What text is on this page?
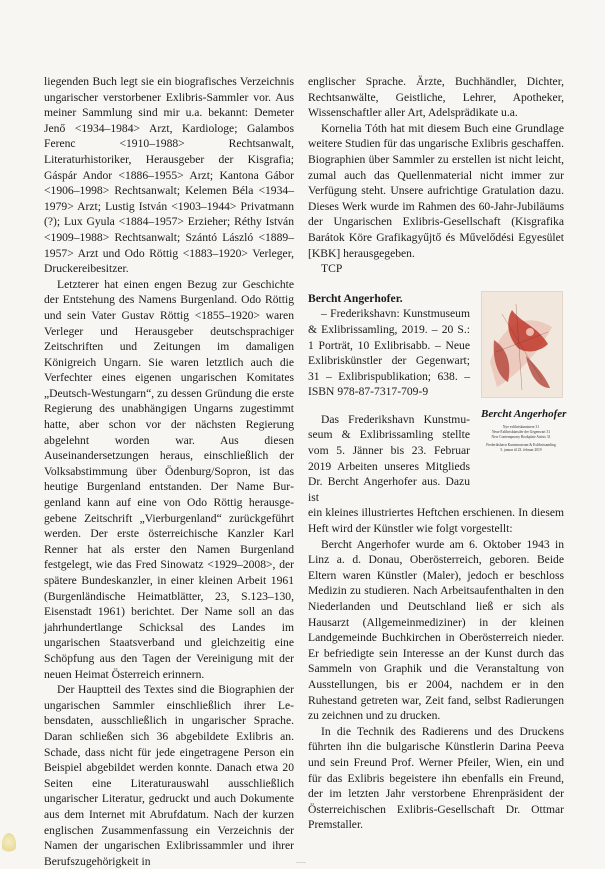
liegenden Buch legt sie ein biografisches Verzeichnis ungarischer verstorbener Exlibris-Sammler vor. Aus meiner Sammlung sind mir u.a. bekannt: Demeter Jenő <1934–1984> Arzt, Kardiologe; Galambos Ferenc <1910–1988> Rechtsanwalt, Literaturhistoriker, Herausgeber der Kisgrafia; Gáspár Andor <1886–1955> Arzt; Kantona Gábor <1906–1998> Rechtsanwalt; Kelemen Béla <1934–1979> Arzt; Lustig István <1903–1944> Privatmann (?); Lux Gyula <1884–1957> Erzieher; Réthy István <1909–1988> Rechtsanwalt; Szántó László <1889–1957> Arzt und Odo Röttig <1883–1920> Verleger, Druckereibesitzer.

Letzterer hat einen engen Bezug zur Geschichte der Entstehung des Namens Burgenland. Odo Röttig und sein Vater Gustav Röttig <1855–1920> waren Verleger und Herausgeber deutschsprachiger Zeitschriften und Zeitungen im damaligen Königreich Ungarn. Sie waren letztlich auch die Verfechter eines eigenen ungarischen Komitates „Deutsch-Westungarn“, zu dessen Gründung die erste Regierung des unabhängigen Ungarns zugestimmt hatte, aber schon vor der nächsten Regierung abgelehnt worden war. Aus diesen Auseinandersetzungen heraus, einschließlich der Volksabstimmung über Ödenburg/Sopron, ist das heutige Burgenland entstanden. Der Name Burgenland kann auf eine von Odo Röttig herausgegebene Zeitschrift „Vierburgenland“ zurückgeführt werden. Der erste österreichische Kanzler Karl Renner hat als erster den Namen Burgenland festgelegt, wie das Fred Sinowatz <1929–2008>, der spätere Bundeskanzler, in einer kleinen Arbeit 1961 (Burgenländische Heimatblätter, 23, S.123–130, Eisenstadt 1961) berichtet. Der Name soll an das jahrhundertlange Schicksal des Landes im ungarischen Staatsverband und gleichzeitig eine Schöpfung aus den Tagen der Vereinigung mit der neuen Heimat Österreich erinnern.

Der Hauptteil des Textes sind die Biographien der ungarischen Sammler einschließlich ihrer Lebensdaten, ausschließlich in ungarischer Sprache. Daran schließen sich 36 abgebildete Exlibris an. Schade, dass nicht für jede eingetragene Person ein Beispiel abgebildet werden konnte. Danach etwa 20 Seiten eine Literaturauswahl ausschließlich ungarischer Literatur, gedruckt und auch Dokumente aus dem Internet mit Abrufdatum. Nach der kurzen englischen Zusammenfassung ein Verzeichnis der Namen der ungarischen Exlibrissammler und ihrer Berufszugehörigkeit in

englischer Sprache. Ärzte, Buchhändler, Dichter, Rechtsanwälte, Geistliche, Lehrer, Apotheker, Wissenschaftler aller Art, Adelsprädikate u.a.

Kornelia Tóth hat mit diesem Buch eine Grundlage weitere Studien für das ungarische Exlibris geschaffen. Biographien über Sammler zu erstellen ist nicht leicht, zumal auch das Quellenmaterial nicht immer zur Verfügung steht. Unsere aufrichtige Gratulation dazu. Dieses Werk wurde im Rahmen des 60-Jahr-Jubiläums der Ungarischen Exlibris-Gesellschaft (Kisgrafika Barátok Köre Grafikagyűjtő és Művelődési Egyesület [KBK] herausgegeben.

TCP

Bercht Angerhofer.

– Frederikshavn: Kunstmuseum & Exlibrissamling, 2019. – 20 S.: 1 Porträt, 10 Exlibrisabb. – Neue Exlibriskünstler der Gegenwart; 31 – Exlibrispublikation; 638. – ISBN 978-87-7317-709-9

Das Frederikshavn Kunstmuseum & Exlibrissamling stellte vom 5. Jänner bis 23. Februar 2019 Arbeiten unseres Mitglieds Dr. Bercht Angerhofer aus. Dazu ist

Bercht Angerhofer
Nye exlibriskunstnere 31
Neue Exlibriskünstler der Gegenwart 31
New Contemporary Bookplate Artists 31
Frederikshavn Kunstmuseum & Exlibrissamling
5. januar til 23. februar 2019

ein kleines illustriertes Heftchen erschienen. In diesem Heft wird der Künstler wie folgt vorgestellt:

Bercht Angerhofer wurde am 6. Oktober 1943 in Linz a. d. Donau, Oberösterreich, geboren. Beide Eltern waren Künstler (Maler), jedoch er beschloss Medizin zu studieren. Nach Arbeitsaufenthalten in den Niederlanden und Deutschland ließ er sich als Hausarzt (Allgemeinmediziner) in der kleinen Landgemeinde Buchkirchen in Oberösterreich nieder. Er befriedigte sein Interesse an der Kunst durch das Sammeln von Graphik und die Veranstaltung von Ausstellungen, bis er 2004, nachdem er in den Ruhestand getreten war, Zeit fand, selbst Radierungen zu zeichnen und zu drucken.

In die Technik des Radierens und des Druckens führten ihn die bulgarische Künstlerin Darina Peeva und sein Freund Prof. Werner Pfeiler, Wien, ein und für das Exlibris begeistere ihn ebenfalls ein Freund, der im letzten Jahr verstorbene Ehrenpräsident der Österreichischen Exlibris-Gesellschaft Dr. Ottmar Premstaller.
